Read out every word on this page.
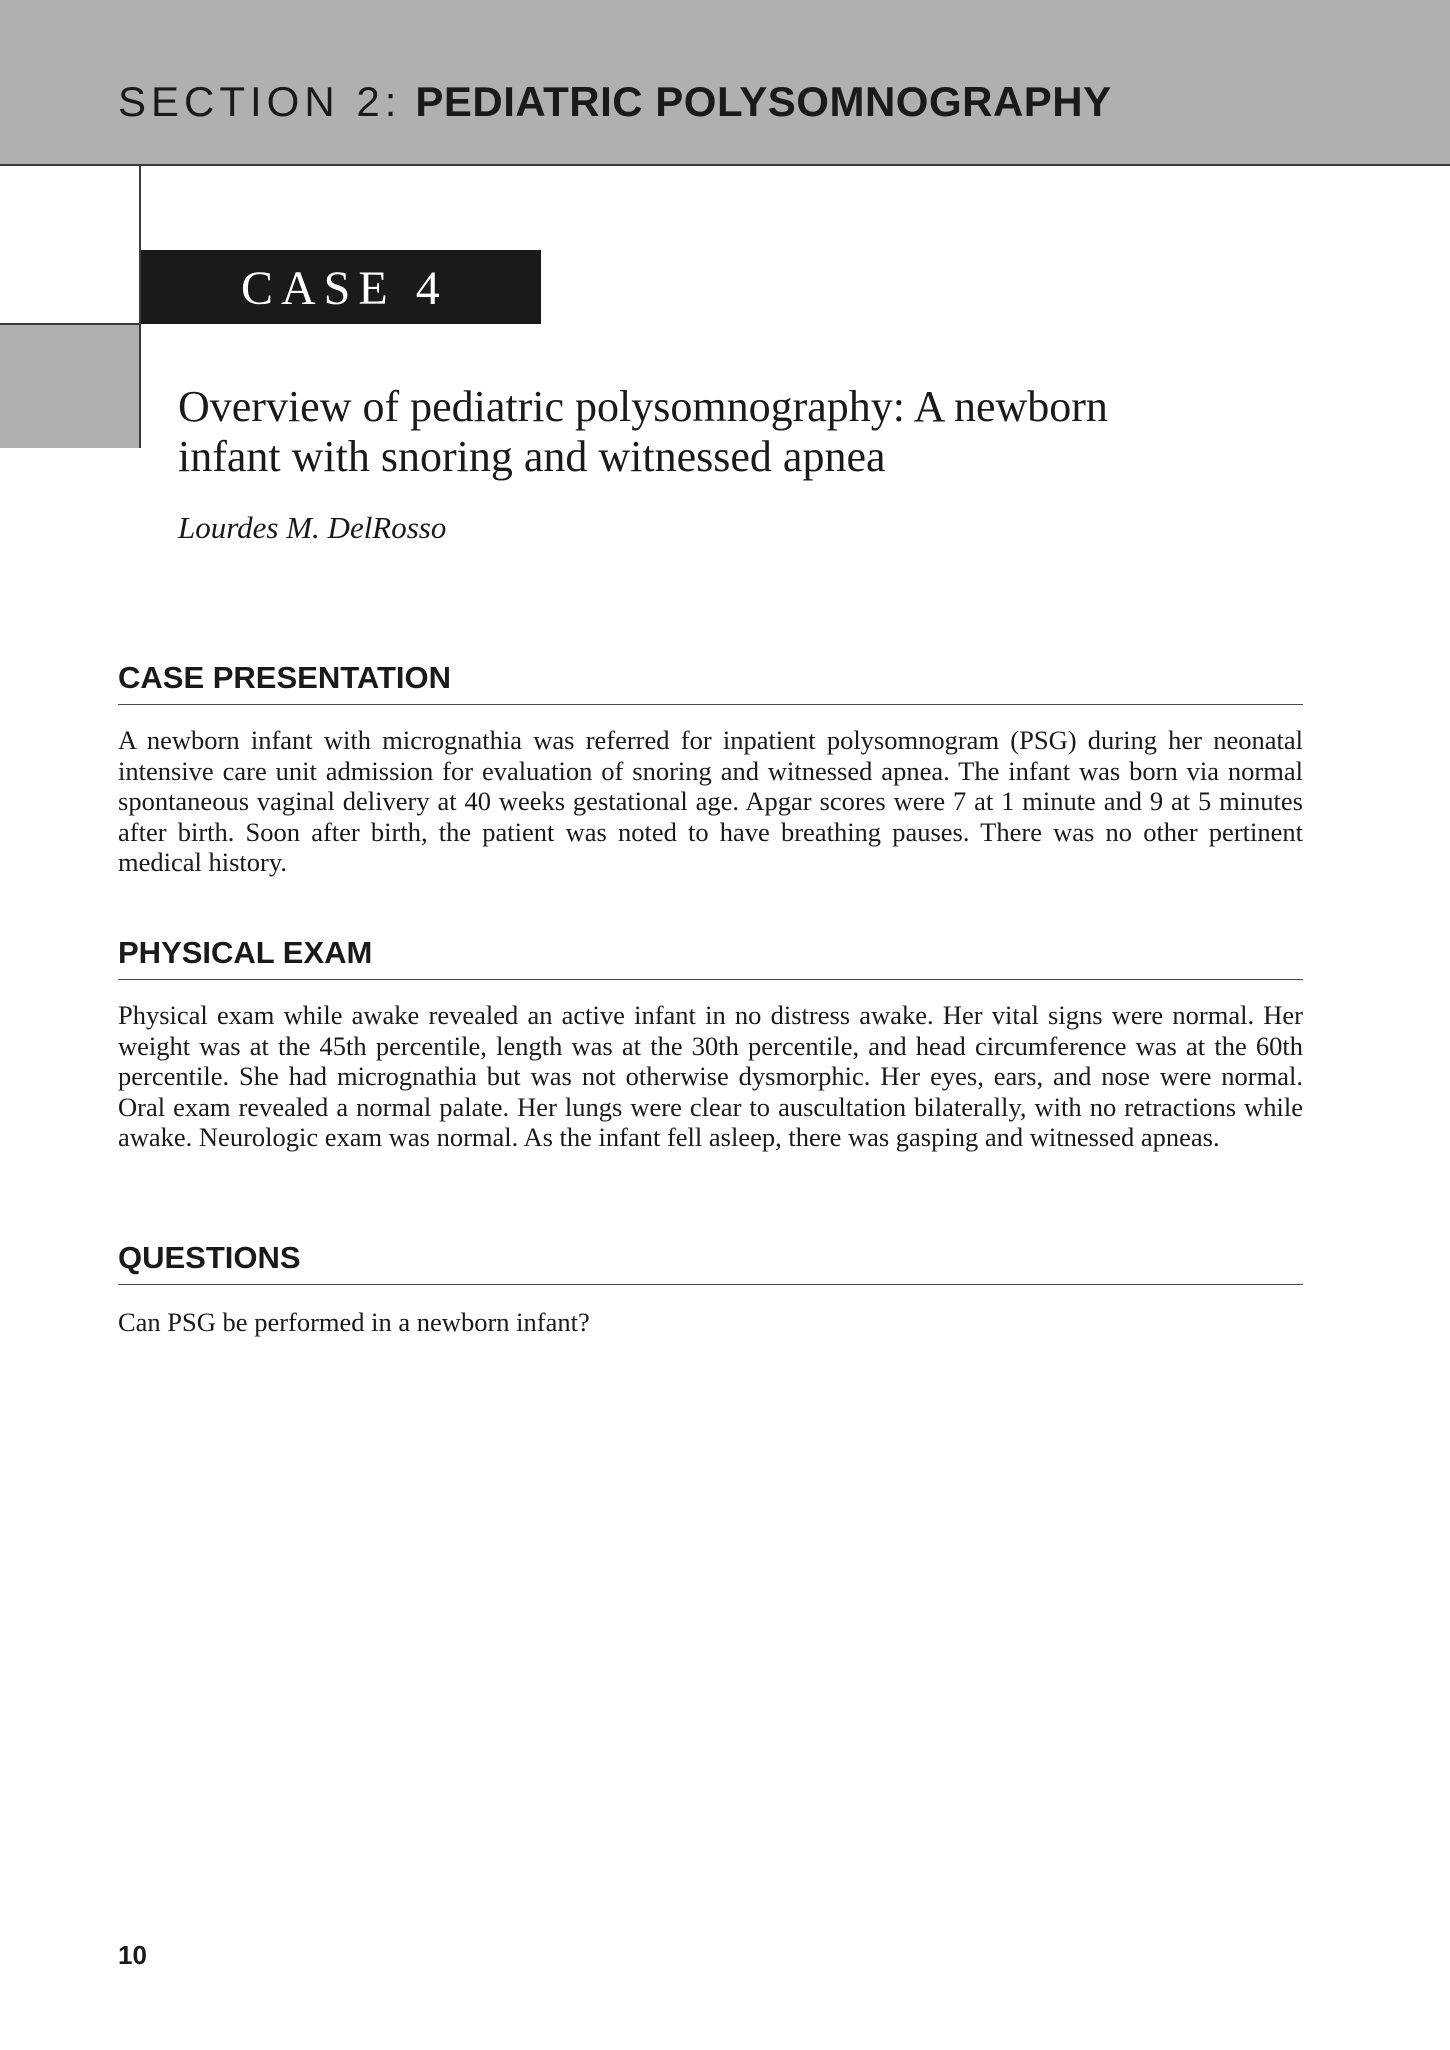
SECTION 2: PEDIATRIC POLYSOMNOGRAPHY
CASE 4
Overview of pediatric polysomnography: A newborn
infant with snoring and witnessed apnea

Lourdes M. DelRosso

CASE PRESENTATION

A newborn infant with micrognathia was referred for inpatient polysomnogram (PSG) during her neonatal intensive care unit admission for evaluation of snoring and witnessed apnea. The infant was born via normal spontaneous vaginal delivery at 40 weeks gestational age. Apgar scores were 7 at 1 minute and 9 at 5 minutes after birth. Soon after birth, the patient was noted to have breathing pauses. There was no other pertinent medical history.

PHYSICAL EXAM

Physical exam while awake revealed an active infant in no distress awake. Her vital signs were normal. Her weight was at the 45th percentile, length was at the 30th percentile, and head circumference was at the 60th percentile. She had micrognathia but was not otherwise dysmorphic. Her eyes, ears, and nose were normal. Oral exam revealed a normal palate. Her lungs were clear to auscultation bilaterally, with no retractions while awake. Neurologic exam was normal. As the infant fell asleep, there was gasping and witnessed apneas.

QUESTIONS

Can PSG be performed in a newborn infant?

10
